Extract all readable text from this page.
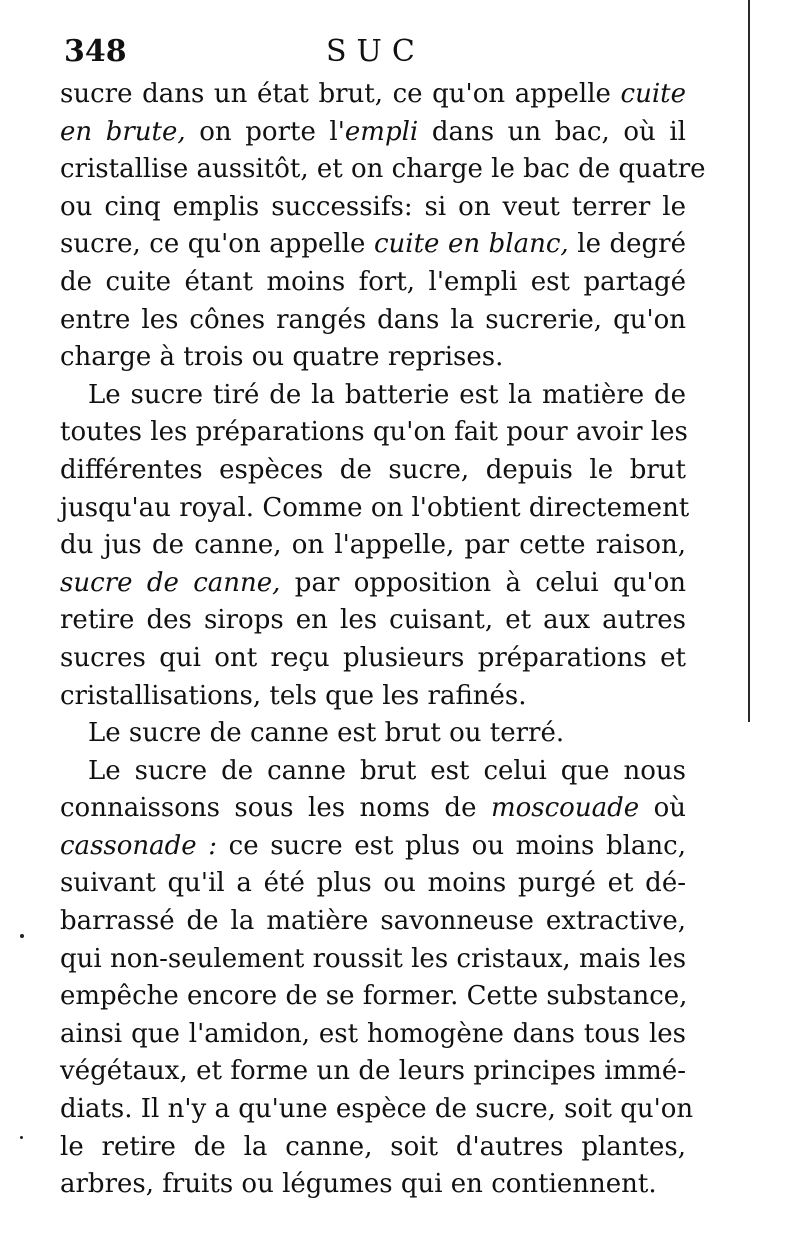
348	SUC
sucre dans un état brut, ce qu'on appelle cuite
en brute, on porte l'empli dans un bac, où il
cristallise aussitôt, et on charge le bac de quatre
ou cinq emplis successifs: si on veut terrer le
sucre, ce qu'on appelle cuite en blanc, le degré
de cuite étant moins fort, l'empli est partagé
entre les cônes rangés dans la sucrerie, qu'on
charge à trois ou quatre reprises.
Le sucre tiré de la batterie est la matière de
toutes les préparations qu'on fait pour avoir les
différentes espèces de sucre, depuis le brut
jusqu'au royal. Comme on l'obtient directement
du jus de canne, on l'appelle, par cette raison,
sucre de canne, par opposition à celui qu'on
retire des sirops en les cuisant, et aux autres
sucres qui ont reçu plusieurs préparations et
cristallisations, tels que les rafinés.
Le sucre de canne est brut ou terré.
Le sucre de canne brut est celui que nous
connaissons sous les noms de moscouade où
cassonade : ce sucre est plus ou moins blanc,
suivant qu'il a été plus ou moins purgé et dé-
barrassé de la matière savonneuse extractive,
qui non-seulement roussit les cristaux, mais les
empêche encore de se former. Cette substance,
ainsi que l'amidon, est homogène dans tous les
végétaux, et forme un de leurs principes immé-
diats. Il n'y a qu'une espèce de sucre, soit qu'on
le retire de la canne, soit d'autres plantes,
arbres, fruits ou légumes qui en contiennent.
